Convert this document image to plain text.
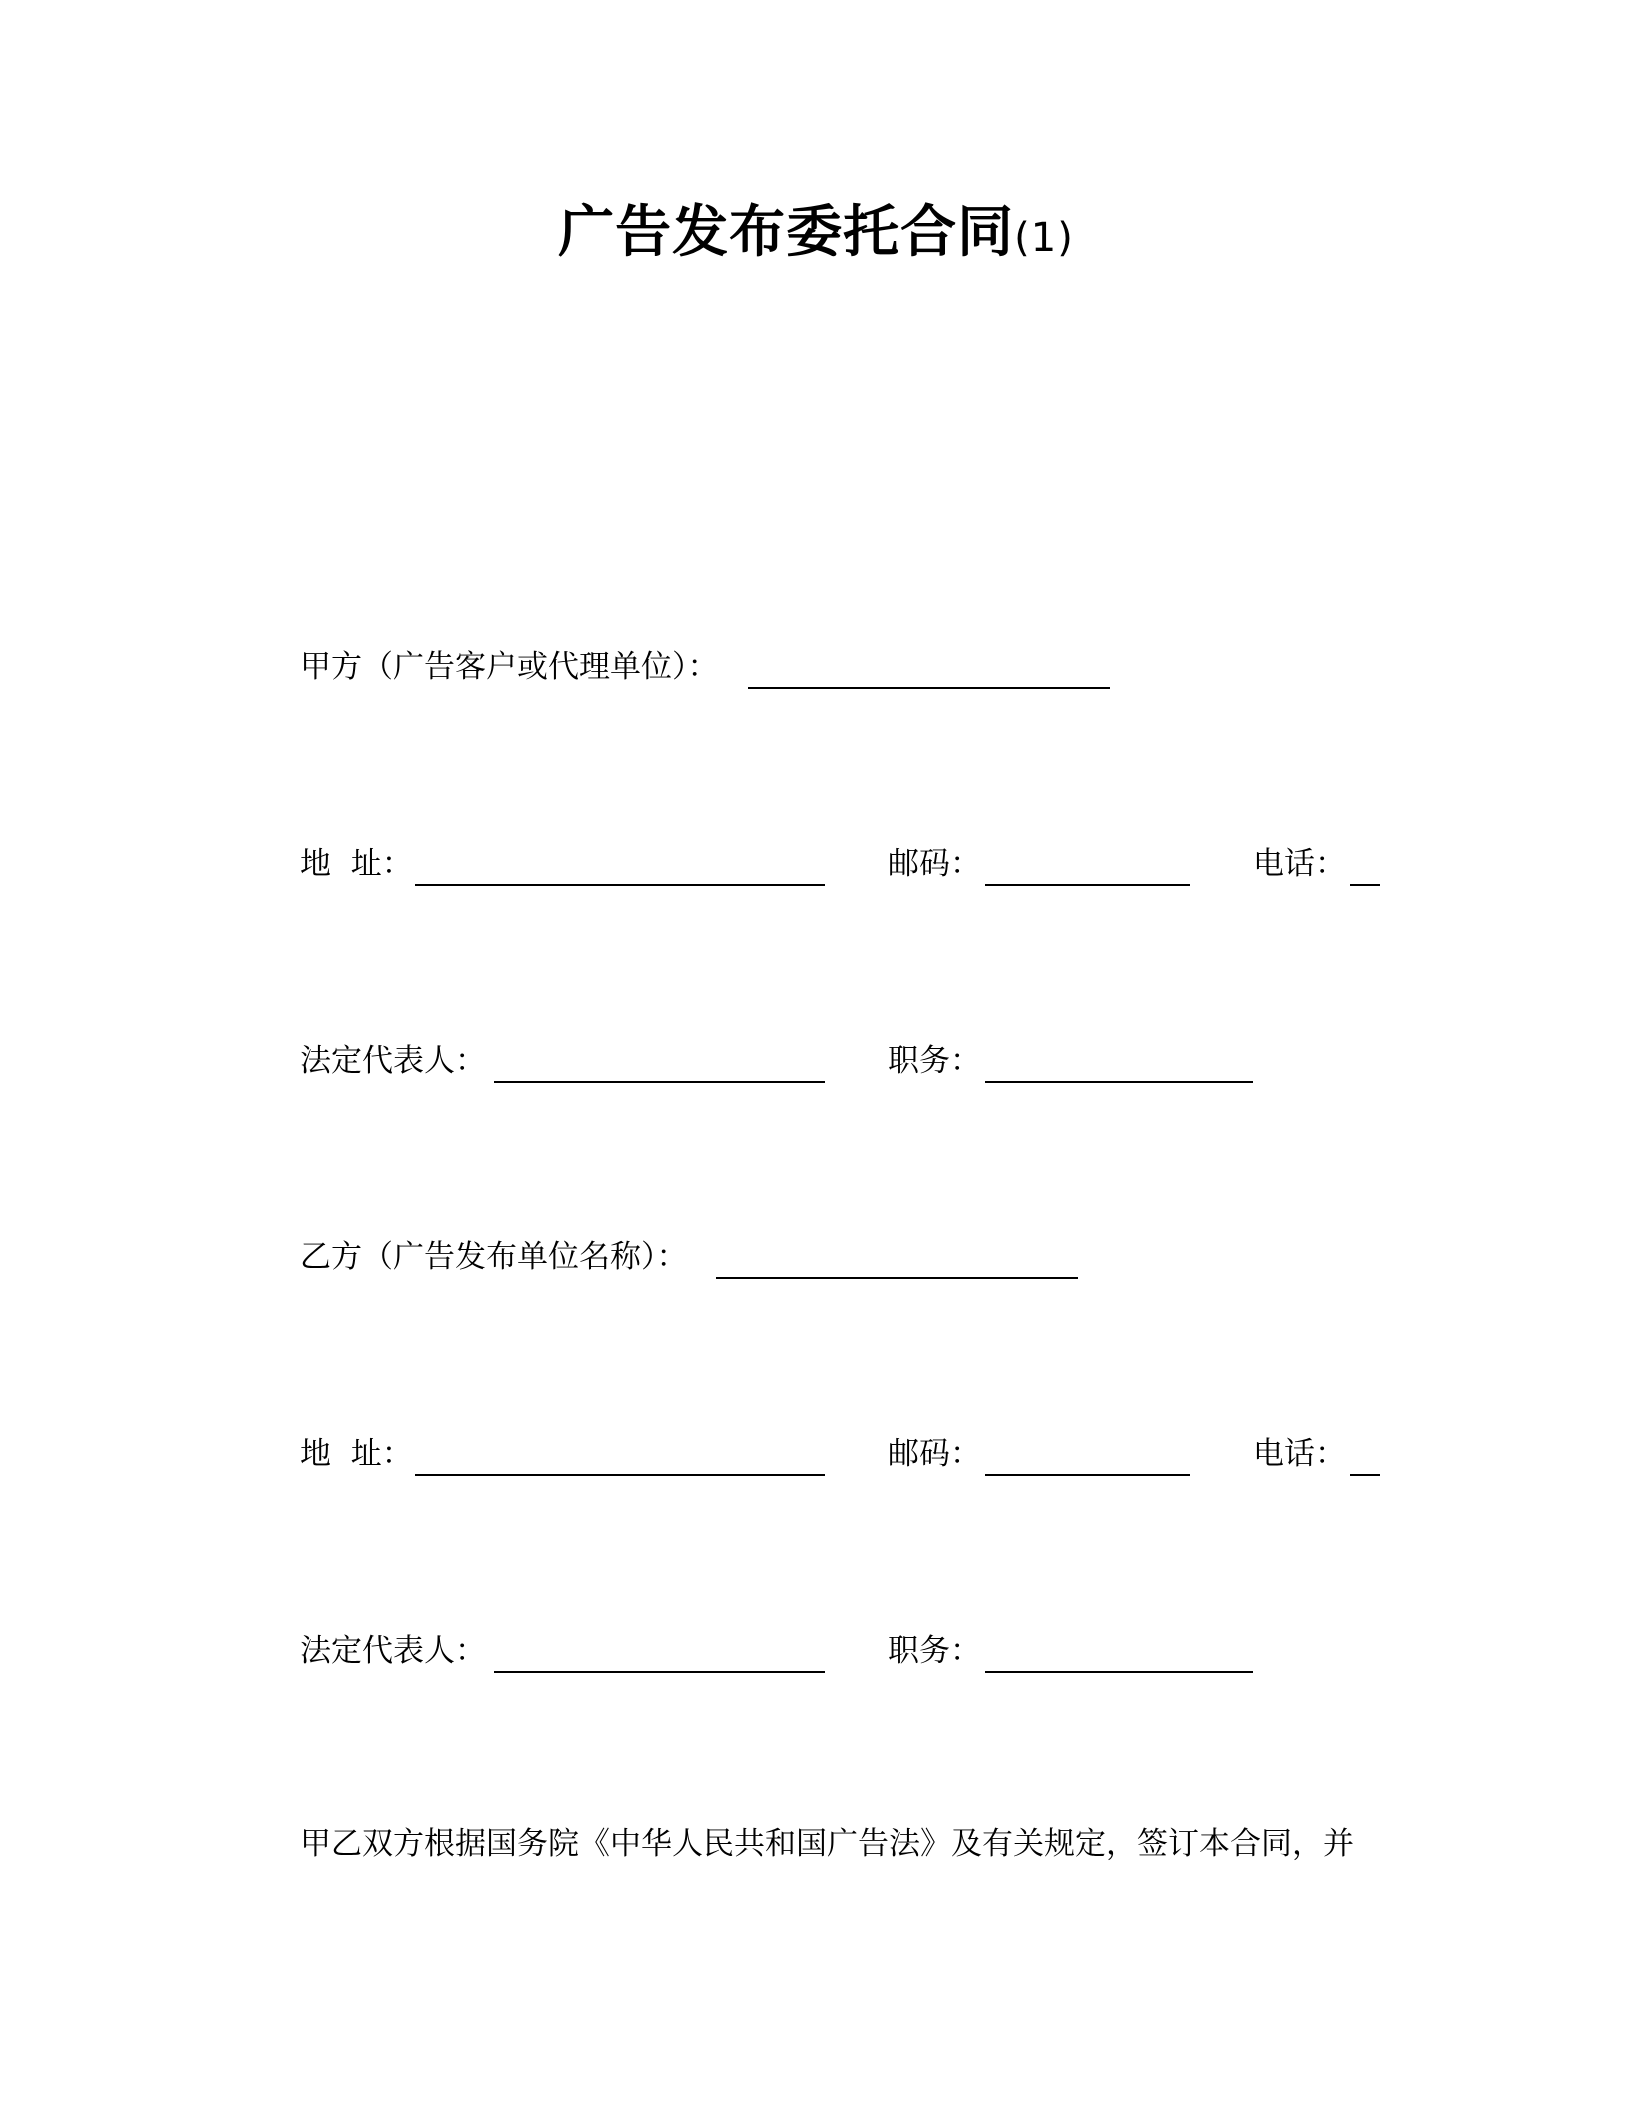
广告发布委托合同(1)
甲方（广告客户或代理单位）：
地  址：	邮码：	电话：
法定代表人：	职务：
乙方（广告发布单位名称）：
地  址：	邮码：	电话：
法定代表人：	职务：
甲乙双方根据国务院《中华人民共和国广告法》及有关规定，签订本合同，并
